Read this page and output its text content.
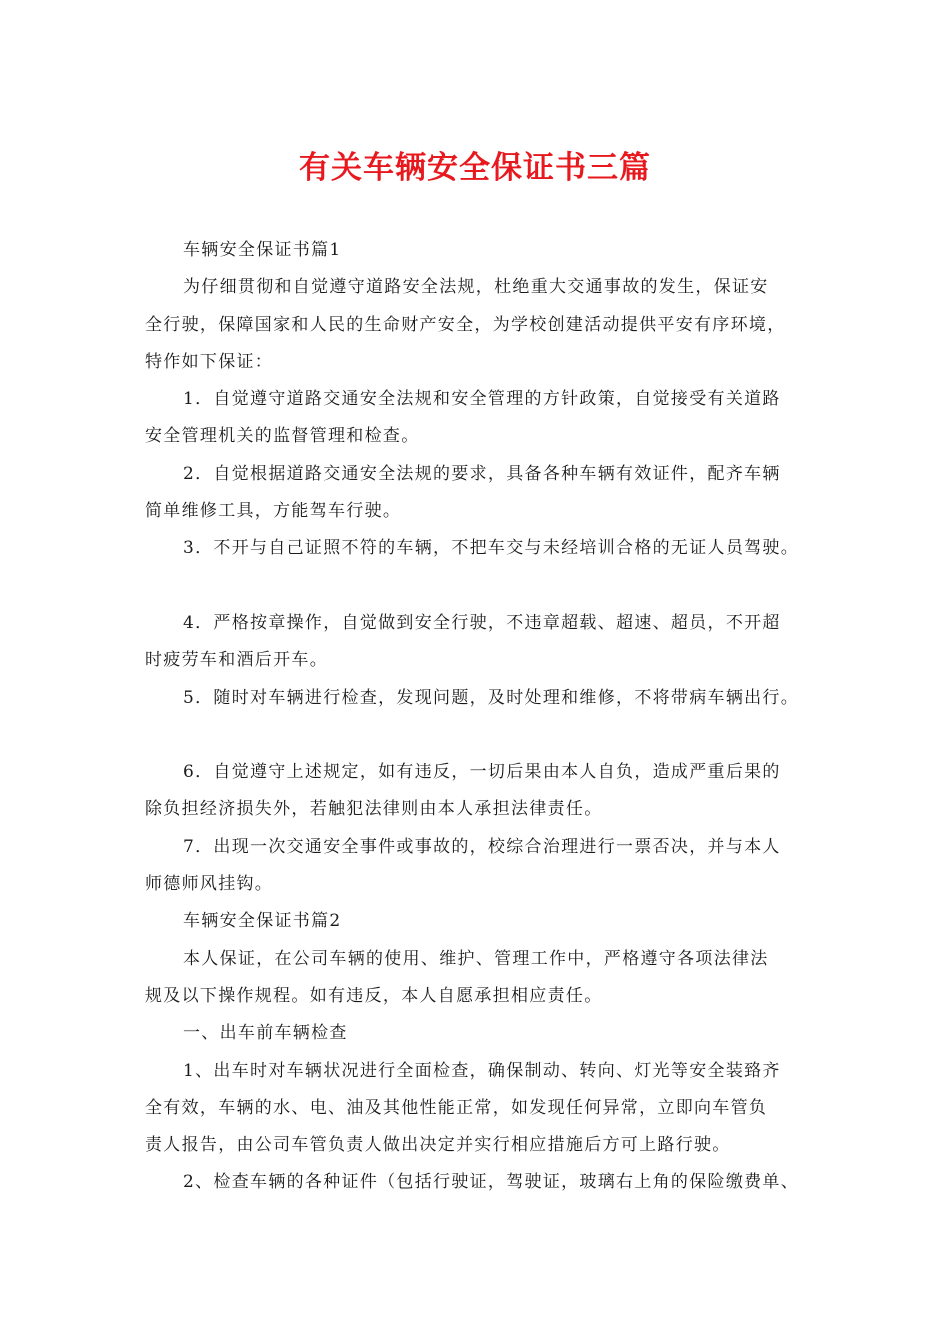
有关车辆安全保证书三篇
车辆安全保证书篇1
为仔细贯彻和自觉遵守道路安全法规，杜绝重大交通事故的发生，保证安
全行驶，保障国家和人民的生命财产安全，为学校创建活动提供平安有序环境，
特作如下保证：
1．自觉遵守道路交通安全法规和安全管理的方针政策，自觉接受有关道路
安全管理机关的监督管理和检查。
2．自觉根据道路交通安全法规的要求，具备各种车辆有效证件，配齐车辆
简单维修工具，方能驾车行驶。
3．不开与自己证照不符的车辆，不把车交与未经培训合格的无证人员驾驶。
4．严格按章操作，自觉做到安全行驶，不违章超载、超速、超员，不开超
时疲劳车和酒后开车。
5．随时对车辆进行检查，发现问题，及时处理和维修，不将带病车辆出行。
6．自觉遵守上述规定，如有违反，一切后果由本人自负，造成严重后果的
除负担经济损失外，若触犯法律则由本人承担法律责任。
7．出现一次交通安全事件或事故的，校综合治理进行一票否决，并与本人
师德师风挂钩。
车辆安全保证书篇2
本人保证，在公司车辆的使用、维护、管理工作中，严格遵守各项法律法
规及以下操作规程。如有违反，本人自愿承担相应责任。
一、出车前车辆检查
1、出车时对车辆状况进行全面检查，确保制动、转向、灯光等安全装臵齐
全有效，车辆的水、电、油及其他性能正常，如发现任何异常，立即向车管负
责人报告，由公司车管负责人做出决定并实行相应措施后方可上路行驶。
2、检查车辆的各种证件（包括行驶证，驾驶证，玻璃右上角的保险缴费单、
